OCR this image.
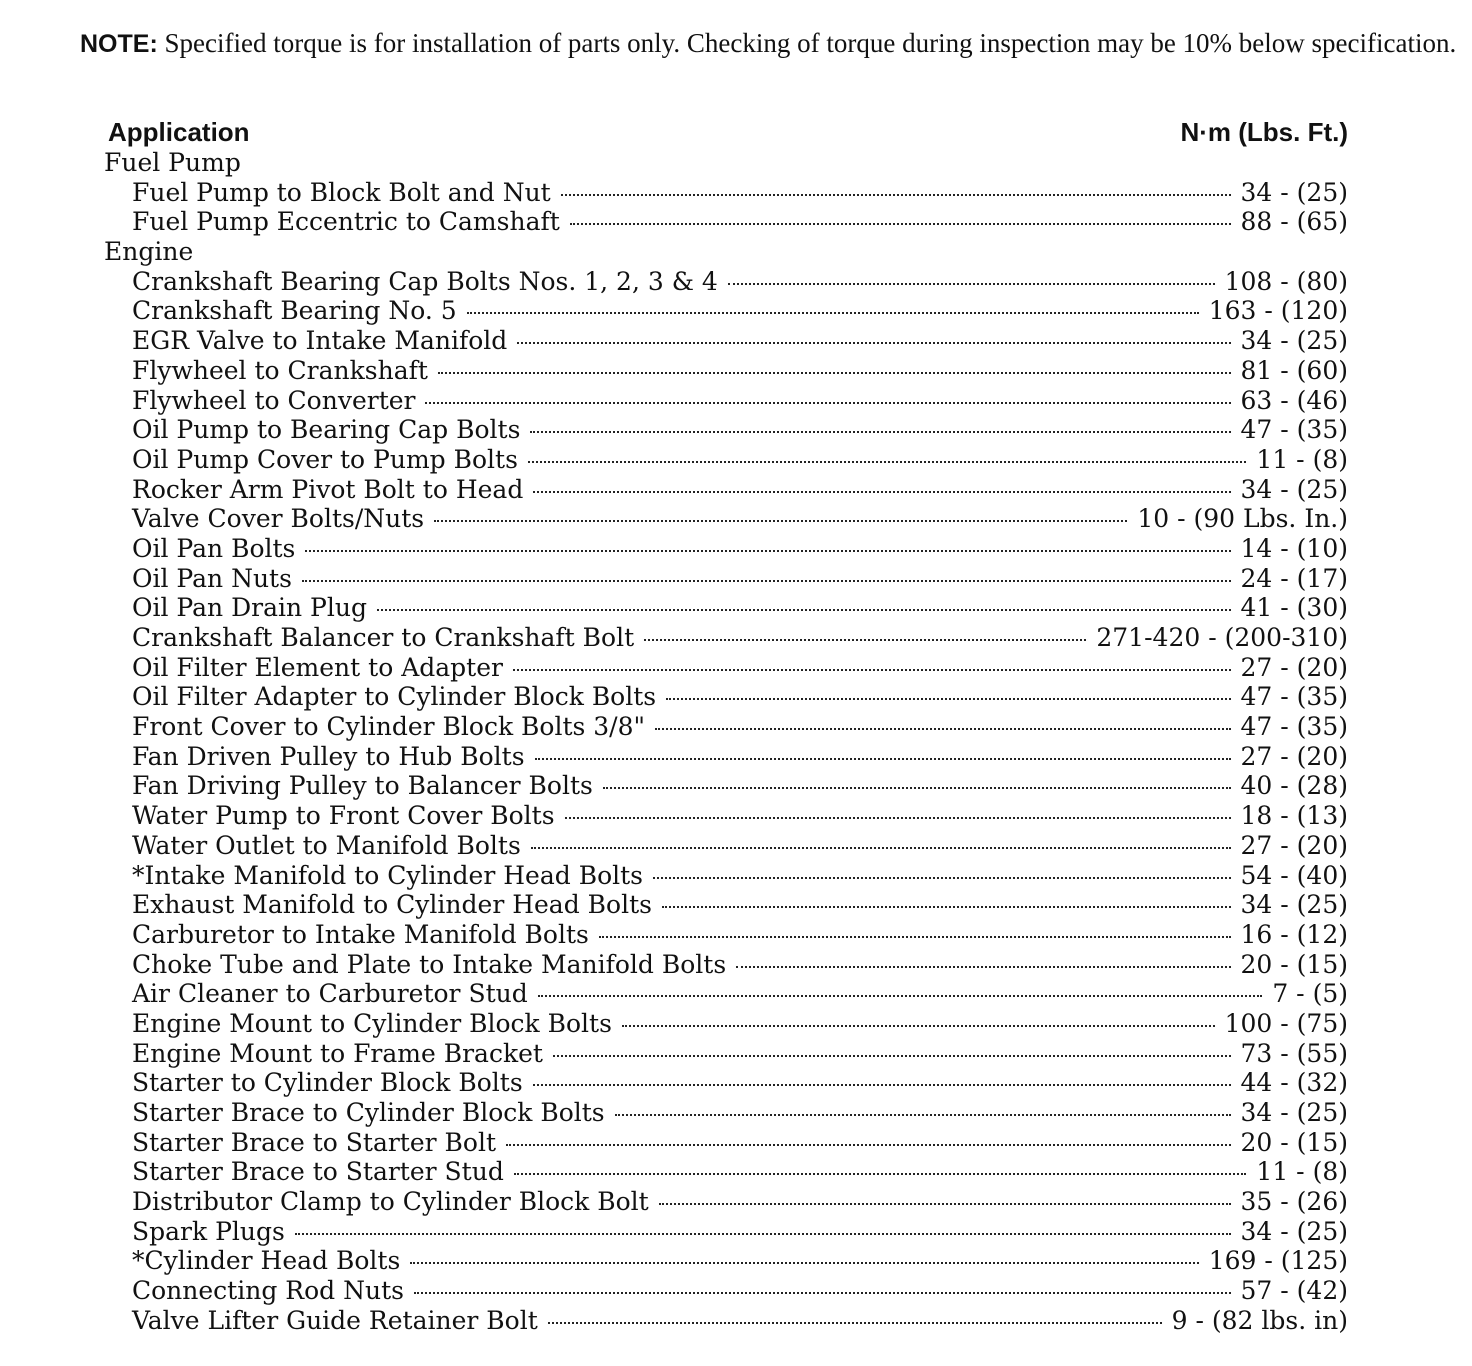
NOTE: Specified torque is for installation of parts only. Checking of torque during inspection may be 10% below specification.

Application	N·m (Lbs. Ft.)
Fuel Pump
Fuel Pump to Block Bolt and Nut	34 - (25)
Fuel Pump Eccentric to Camshaft	88 - (65)
Engine
Crankshaft Bearing Cap Bolts Nos. 1, 2, 3 & 4	108 - (80)
Crankshaft Bearing No. 5	163 - (120)
EGR Valve to Intake Manifold	34 - (25)
Flywheel to Crankshaft	81 - (60)
Flywheel to Converter	63 - (46)
Oil Pump to Bearing Cap Bolts	47 - (35)
Oil Pump Cover to Pump Bolts	11 - (8)
Rocker Arm Pivot Bolt to Head	34 - (25)
Valve Cover Bolts/Nuts	10 - (90 Lbs. In.)
Oil Pan Bolts	14 - (10)
Oil Pan Nuts	24 - (17)
Oil Pan Drain Plug	41 - (30)
Crankshaft Balancer to Crankshaft Bolt	271-420 - (200-310)
Oil Filter Element to Adapter	27 - (20)
Oil Filter Adapter to Cylinder Block Bolts	47 - (35)
Front Cover to Cylinder Block Bolts 3/8"	47 - (35)
Fan Driven Pulley to Hub Bolts	27 - (20)
Fan Driving Pulley to Balancer Bolts	40 - (28)
Water Pump to Front Cover Bolts	18 - (13)
Water Outlet to Manifold Bolts	27 - (20)
*Intake Manifold to Cylinder Head Bolts	54 - (40)
Exhaust Manifold to Cylinder Head Bolts	34 - (25)
Carburetor to Intake Manifold Bolts	16 - (12)
Choke Tube and Plate to Intake Manifold Bolts	20 - (15)
Air Cleaner to Carburetor Stud	7 - (5)
Engine Mount to Cylinder Block Bolts	100 - (75)
Engine Mount to Frame Bracket	73 - (55)
Starter to Cylinder Block Bolts	44 - (32)
Starter Brace to Cylinder Block Bolts	34 - (25)
Starter Brace to Starter Bolt	20 - (15)
Starter Brace to Starter Stud	11 - (8)
Distributor Clamp to Cylinder Block Bolt	35 - (26)
Spark Plugs	34 - (25)
*Cylinder Head Bolts	169 - (125)
Connecting Rod Nuts	57 - (42)
Valve Lifter Guide Retainer Bolt	9 - (82 lbs. in)
